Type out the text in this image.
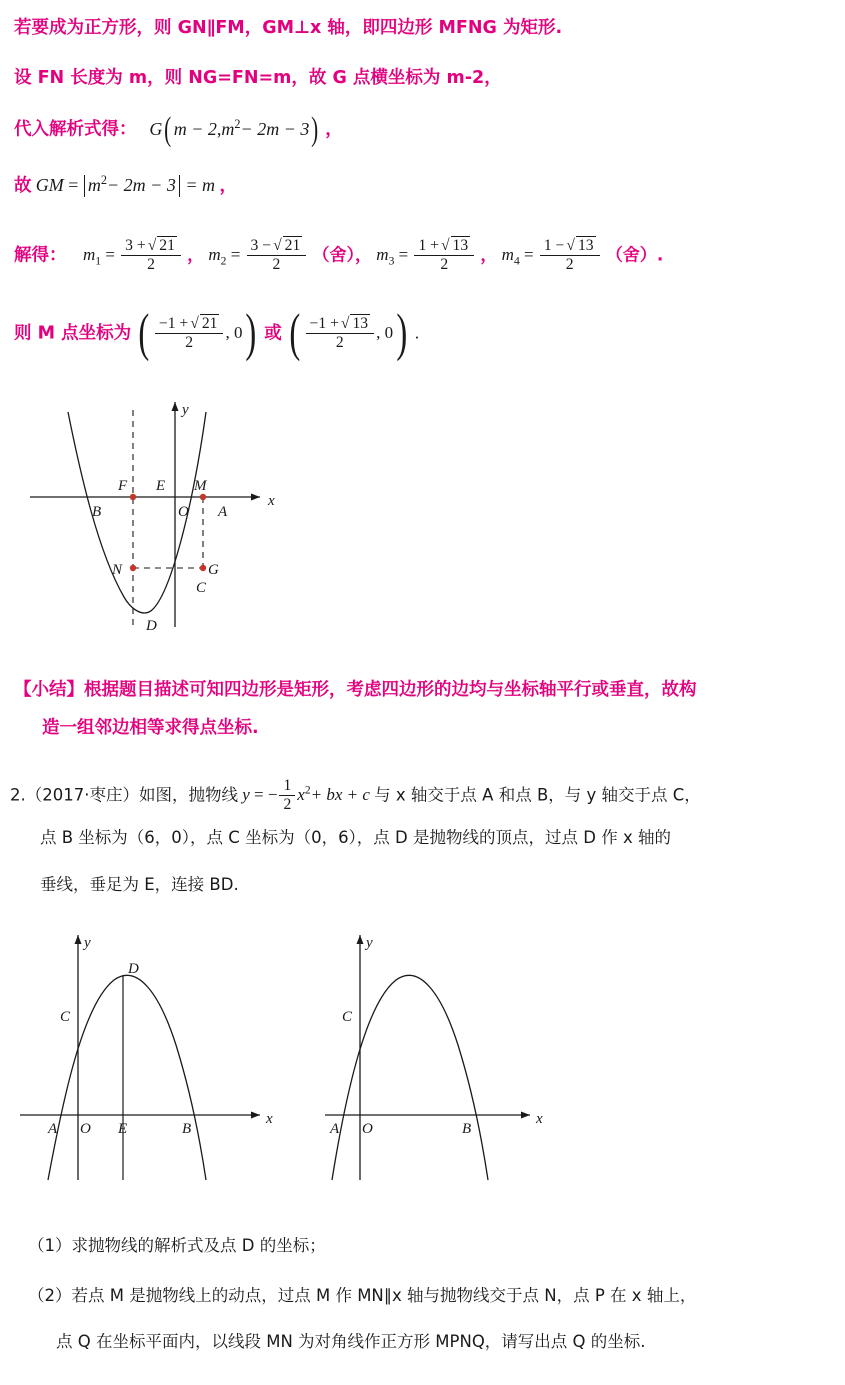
若要成为正方形，则 GN∥FM，GM⊥x 轴，即四边形 MFNG 为矩形.
设 FN 长度为 m，则 NG=FN=m，故 G 点横坐标为 m-2，
代入解析式得： G( $m - 2,m^2- 2m - 3$) ，
故 GM = $m^2- 2m - 3 = m$ ，
解得： $m_1 = \frac{3 + √ 21}{2}$ ， $m_2 = \frac{3 - √ 21}{2}$ （舍）， $m_3 = \frac{1 + √ 13}{2}$ ， $m_4 = \frac{1 - √ 13}{2}$ （舍）.
则 M 点坐标为 ( $\frac{-1 + √ 21}{2}$ , 0) 或 ( $\frac{-1 + √ 13}{2}$ , 0) .
F E M
B	O A
N	G
C
D
x
y
【小结】根据题目描述可知四边形是矩形，考虑四边形的边均与坐标轴平行或垂直，故构
造一组邻边相等求得点坐标.
2.（2017·枣庄）如图，抛物线 y = − $\frac{1}{2} x^2+$ bx + c 与 x 轴交于点 A 和点 B，与 y 轴交于点 C，
点 B 坐标为（6，0），点 C 坐标为（0，6），点 D 是抛物线的顶点，过点 D 作 x 轴的
垂线，垂足为 E，连接 BD.
D
C
A O E	B
x
y
C
A O	B
x
y
（1）求抛物线的解析式及点 D 的坐标；
（2）若点 M 是抛物线上的动点，过点 M 作 MN∥x 轴与抛物线交于点 N，点 P 在 x 轴上，
点 Q 在坐标平面内，以线段 MN 为对角线作正方形 MPNQ，请写出点 Q 的坐标.
